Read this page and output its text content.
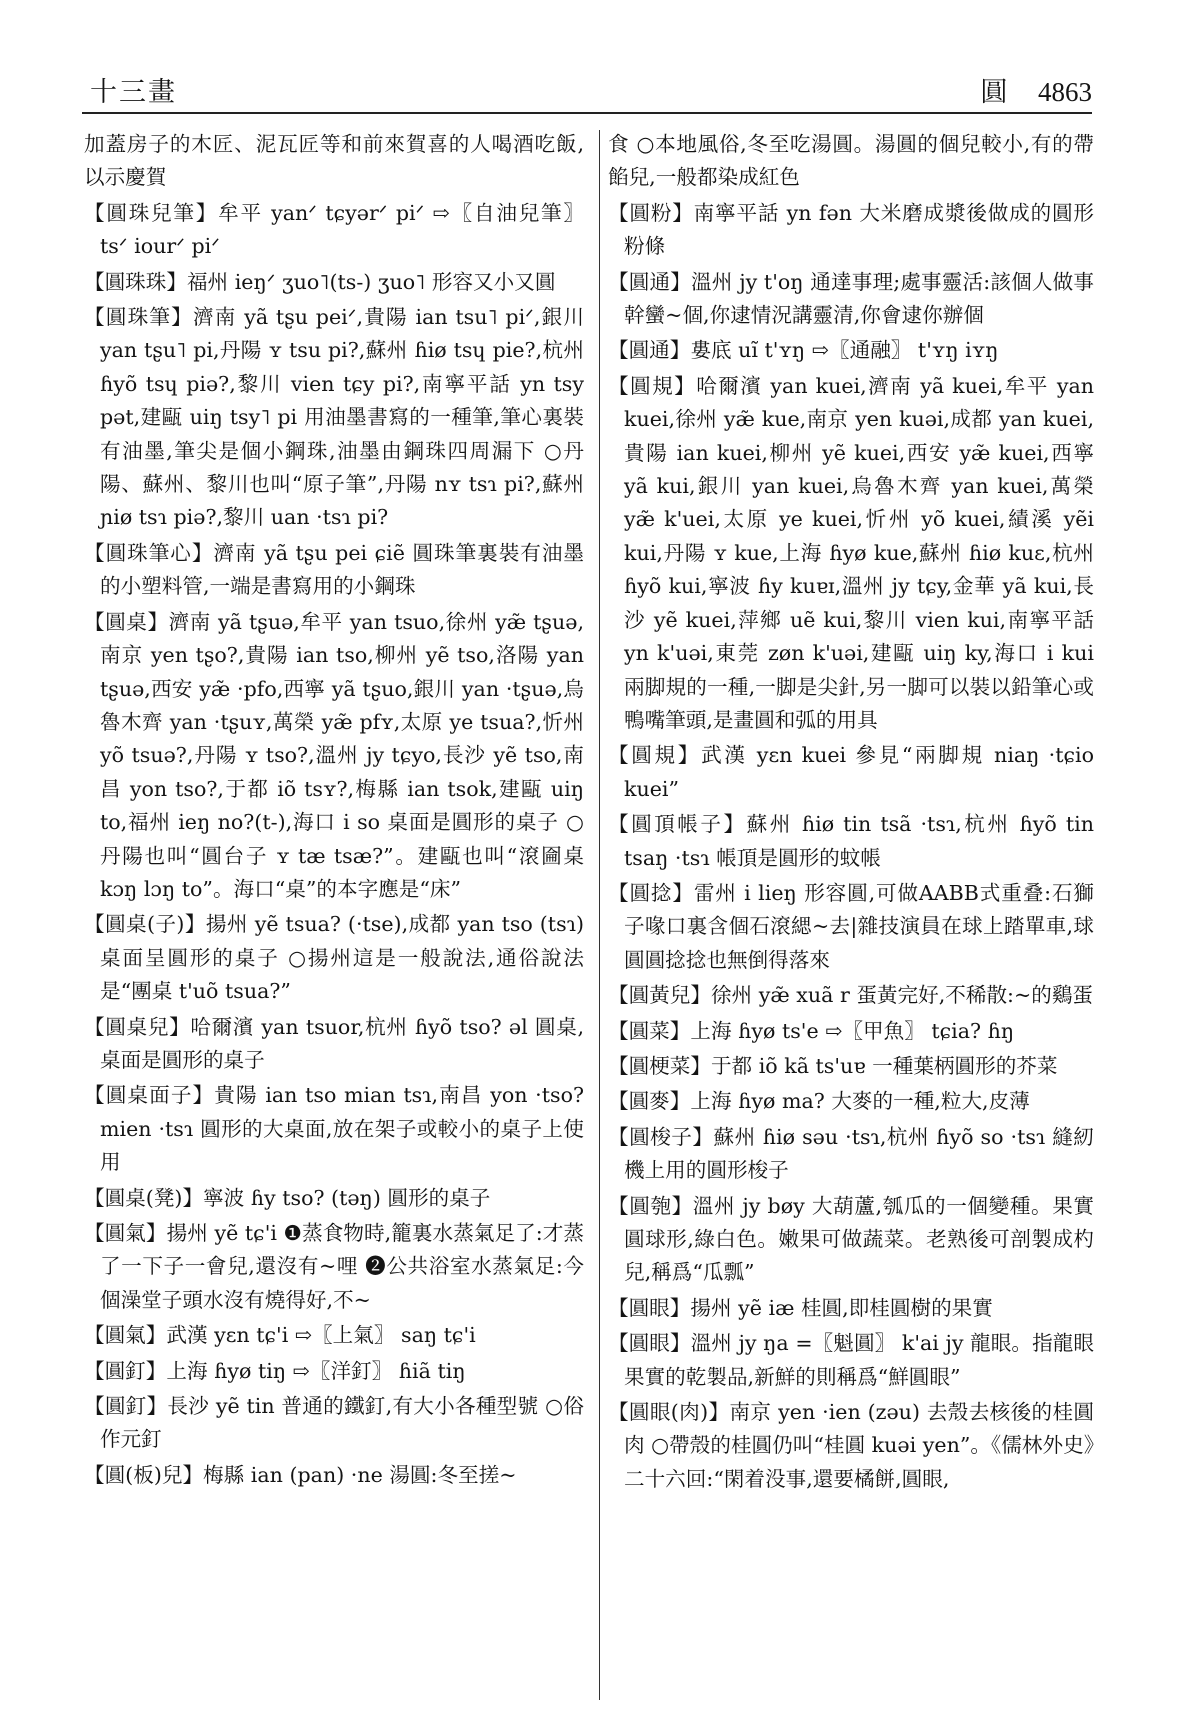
十三畫	圓 4863

加蓋房子的木匠、泥瓦匠等和前來賀喜的人喝酒吃飯,以示慶賀

【圓珠兒筆】牟平 yanᐟ tɕyərᐟ piᐟ ⇨〖自油兒筆〗 tsᐟ iourᐟ piᐟ

【圓珠珠】福州 ieŋᐟ ʒuo˥(ts-) ʒuo˥ 形容又小又圓

【圓珠筆】濟南 yã tʂu peiᐟ,貴陽 ian tsu˥ piᐟ,銀川 yan tʂu˥ pi,丹陽 ʏ tsu pi?,蘇州 ɦiø tsɥ pie?,杭州 ɦyõ tsɥ piə?,黎川 vien tɕy pi?,南寧平話 yn tsy pət,建甌 uiŋ tsy˥ pi 用油墨書寫的一種筆,筆心裏裝有油墨,筆尖是個小鋼珠,油墨由鋼珠四周漏下 ○丹陽、蘇州、黎川也叫“原子筆”,丹陽 nʏ tsɿ pi?,蘇州 ɲiø tsɿ piə?,黎川 uan ·tsɿ pi?

【圓珠筆心】濟南 yã tʂu pei ɕiẽ 圓珠筆裏裝有油墨的小塑料管,一端是書寫用的小鋼珠

【圓桌】濟南 yã tʂuə,牟平 yan tsuo,徐州 yæ̃ tʂuə,南京 yen tʂo?,貴陽 ian tso,柳州 yẽ tso,洛陽 yan tʂuə,西安 yæ̃ ·pfo,西寧 yã tʂuo,銀川 yan ·tʂuə,烏魯木齊 yan ·tʂuʏ,萬榮 yæ̃ pfʏ,太原 ye tsua?,忻州 yõ tsuə?,丹陽 ʏ tso?,溫州 jy tɕyo,長沙 yẽ tso,南昌 yon tso?,于都 iõ tsʏ?,梅縣 ian tsok,建甌 uiŋ to,福州 ieŋ no?(t-),海口 i so 桌面是圓形的桌子 ○丹陽也叫“圓台子 ʏ tæ tsæ?”。建甌也叫“滾圇桌 kɔŋ lɔŋ to”。海口“桌”的本字應是“床”

【圓桌(子)】揚州 yẽ tsua? (·tse),成都 yan tso (tsɿ) 桌面呈圓形的桌子 ○揚州這是一般說法,通俗說法是“團桌 t'uõ tsua?”

【圓桌兒】哈爾濱 yan tsuor,杭州 ɦyõ tso? əl 圓桌,桌面是圓形的桌子

【圓桌面子】貴陽 ian tso mian tsɿ,南昌 yon ·tso? mien ·tsɿ 圓形的大桌面,放在架子或較小的桌子上使用

【圓桌(凳)】寧波 ɦy tso? (təŋ) 圓形的桌子

【圓氣】揚州 yẽ tɕ'i ❶蒸食物時,籠裏水蒸氣足了:才蒸了一下子一會兒,還沒有~哩 ❷公共浴室水蒸氣足:今個澡堂子頭水沒有燒得好,不~

【圓氣】武漢 yɛn tɕ'i ⇨〖上氣〗 saŋ tɕ'i

【圓釘】上海 ɦyø tiŋ ⇨〖洋釘〗 ɦiã tiŋ

【圓釘】長沙 yẽ tin 普通的鐵釘,有大小各種型號 ○俗作元釘

【圓(板)兒】梅縣 ian (pan) ·ne 湯圓:冬至搓~

食 ○本地風俗,冬至吃湯圓。湯圓的個兒較小,有的帶餡兒,一般都染成紅色

【圓粉】南寧平話 yn fən 大米磨成漿後做成的圓形粉條

【圓通】溫州 jy t'oŋ 通達事理;處事靈活:該個人做事幹蠻~個,你逮情況講靈清,你會逮你辦個

【圓通】婁底 uĩ t'ʏŋ ⇨〖通融〗 t'ʏŋ iʏŋ

【圓規】哈爾濱 yan kuei,濟南 yã kuei,牟平 yan kuei,徐州 yæ̃ kue,南京 yen kuəi,成都 yan kuei,貴陽 ian kuei,柳州 yẽ kuei,西安 yæ̃ kuei,西寧 yã kui,銀川 yan kuei,烏魯木齊 yan kuei,萬榮 yæ̃ k'uei,太原 ye kuei,忻州 yõ kuei,績溪 yẽi kui,丹陽 ʏ kue,上海 ɦyø kue,蘇州 ɦiø kuɛ,杭州 ɦyõ kui,寧波 ɦy kuɐɪ,溫州 jy tɕy,金華 yã kui,長沙 yẽ kuei,萍鄉 uẽ kui,黎川 vien kui,南寧平話 yn k'uəi,東莞 zøn k'uəi,建甌 uiŋ ky,海口 i kui 兩脚規的一種,一脚是尖針,另一脚可以裝以鉛筆心或鴨嘴筆頭,是畫圓和弧的用具

【圓規】武漢 yɛn kuei 參見“兩脚規 niaŋ ·tɕio kuei”

【圓頂帳子】蘇州 ɦiø tin tsã ·tsɿ,杭州 ɦyõ tin tsaŋ ·tsɿ 帳頂是圓形的蚊帳

【圓捻】雷州 i lieŋ 形容圓,可做AABB式重叠:石獅子喙口裏含個石滾緦~去|雜技演員在球上踏單車,球圓圓捻捻也無倒得落來

【圓黃兒】徐州 yæ̃ xuã r 蛋黃完好,不稀散:~的鷄蛋

【圓菜】上海 ɦyø ts'e ⇨〖甲魚〗 tɕia? ɦŋ

【圓梗菜】于都 iõ kã ts'uɐ 一種葉柄圓形的芥菜

【圓麥】上海 ɦyø ma? 大麥的一種,粒大,皮薄

【圓梭子】蘇州 ɦiø səu ·tsɿ,杭州 ɦyõ so ·tsɿ 縫紉機上用的圓形梭子

【圓匏】溫州 jy bøy 大葫蘆,瓠瓜的一個變種。果實圓球形,綠白色。嫩果可做蔬菜。老熟後可剖製成杓兒,稱爲“瓜瓢”

【圓眼】揚州 yẽ iæ 桂圓,即桂圓樹的果實

【圓眼】溫州 jy ŋa =〖魁圓〗 k'ai jy 龍眼。指龍眼果實的乾製品,新鮮的則稱爲“鮮圓眼”

【圓眼(肉)】南京 yen ·ien (zəu) 去殼去核後的桂圓肉 ○帶殼的桂圓仍叫“桂圓 kuəi yen”。《儒林外史》二十六回:“閑着没事,還要橘餅,圓眼,
